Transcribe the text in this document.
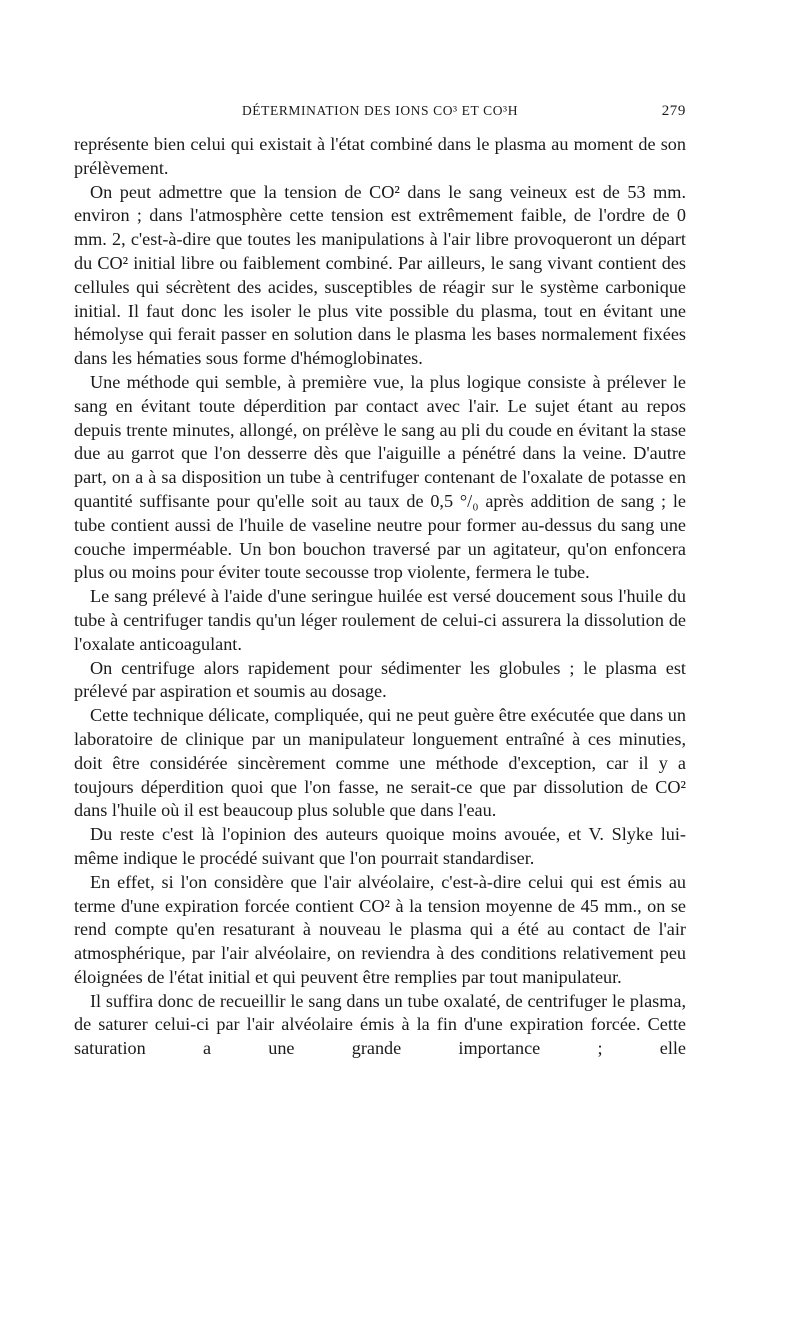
DÉTERMINATION DES IONS CO³ ET CO³H	279

représente bien celui qui existait à l'état combiné dans le plasma au moment de son prélèvement.

On peut admettre que la tension de CO² dans le sang veineux est de 53 mm. environ ; dans l'atmosphère cette tension est extrêmement faible, de l'ordre de 0 mm. 2, c'est-à-dire que toutes les manipulations à l'air libre provoqueront un départ du CO² initial libre ou faiblement combiné. Par ailleurs, le sang vivant contient des cellules qui sécrètent des acides, susceptibles de réagir sur le système carbonique initial. Il faut donc les isoler le plus vite possible du plasma, tout en évitant une hémolyse qui ferait passer en solution dans le plasma les bases normalement fixées dans les hématies sous forme d'hémoglobinates.

Une méthode qui semble, à première vue, la plus logique consiste à prélever le sang en évitant toute déperdition par contact avec l'air. Le sujet étant au repos depuis trente minutes, allongé, on prélève le sang au pli du coude en évitant la stase due au garrot que l'on desserre dès que l'aiguille a pénétré dans la veine. D'autre part, on a à sa disposition un tube à centrifuger contenant de l'oxalate de potasse en quantité suffisante pour qu'elle soit au taux de 0,5 °/₀ après addition de sang ; le tube contient aussi de l'huile de vaseline neutre pour former au-dessus du sang une couche imperméable. Un bon bouchon traversé par un agitateur, qu'on enfoncera plus ou moins pour éviter toute secousse trop violente, fermera le tube.

Le sang prélevé à l'aide d'une seringue huilée est versé doucement sous l'huile du tube à centrifuger tandis qu'un léger roulement de celui-ci assurera la dissolution de l'oxalate anticoagulant.

On centrifuge alors rapidement pour sédimenter les globules ; le plasma est prélevé par aspiration et soumis au dosage.

Cette technique délicate, compliquée, qui ne peut guère être exécutée que dans un laboratoire de clinique par un manipulateur longuement entraîné à ces minuties, doit être considérée sincèrement comme une méthode d'exception, car il y a toujours déperdition quoi que l'on fasse, ne serait-ce que par dissolution de CO² dans l'huile où il est beaucoup plus soluble que dans l'eau.

Du reste c'est là l'opinion des auteurs quoique moins avouée, et V. Slyke lui-même indique le procédé suivant que l'on pourrait standardiser.

En effet, si l'on considère que l'air alvéolaire, c'est-à-dire celui qui est émis au terme d'une expiration forcée contient CO² à la tension moyenne de 45 mm., on se rend compte qu'en resaturant à nouveau le plasma qui a été au contact de l'air atmosphérique, par l'air alvéolaire, on reviendra à des conditions relativement peu éloignées de l'état initial et qui peuvent être remplies par tout manipulateur.

Il suffira donc de recueillir le sang dans un tube oxalaté, de centrifuger le plasma, de saturer celui-ci par l'air alvéolaire émis à la fin d'une expiration forcée. Cette saturation a une grande importance ; elle
